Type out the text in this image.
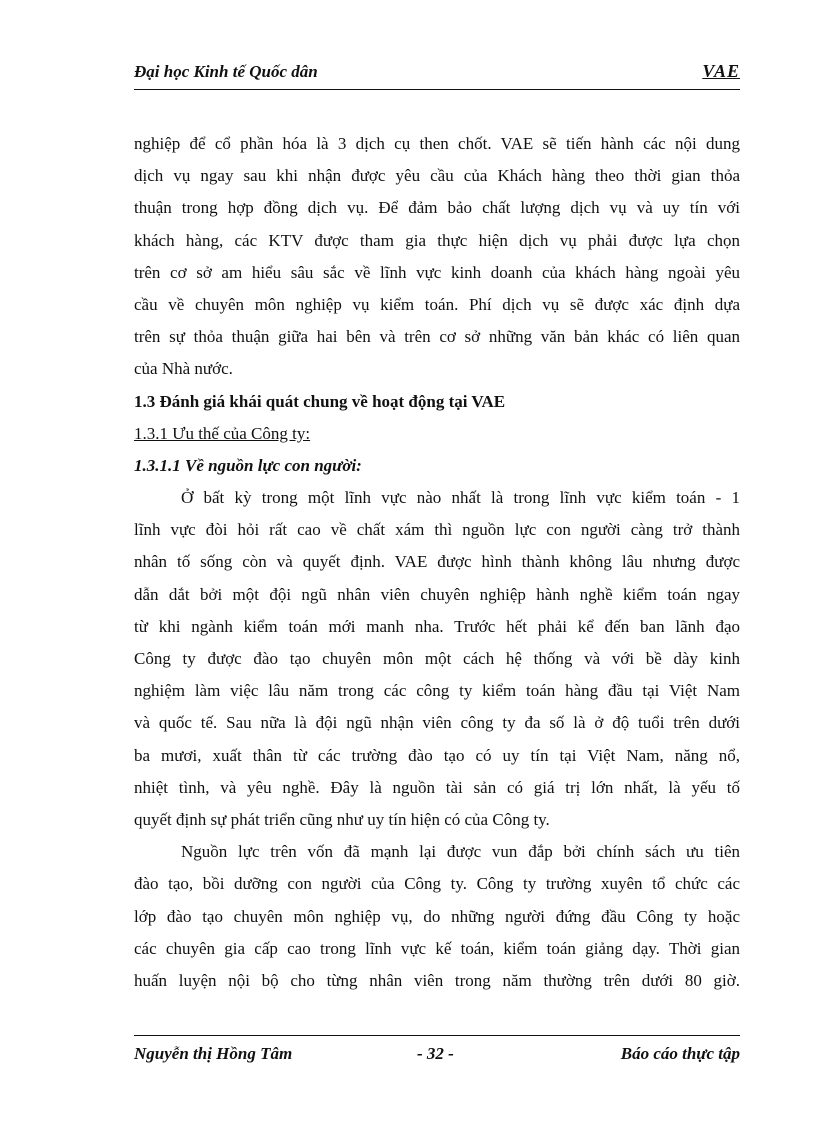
Đại học Kinh tế Quốc dân	VAE
nghiệp để cổ phần hóa là 3 dịch cụ then chốt. VAE sẽ tiến hành các nội dung
dịch vụ ngay sau khi nhận được yêu cầu của Khách hàng theo thời gian thỏa
thuận trong hợp đồng dịch vụ. Để đảm bảo chất lượng dịch vụ và uy tín với
khách hàng, các KTV được tham gia thực hiện dịch vụ phải được lựa chọn
trên cơ sở am hiểu sâu sắc về lĩnh vực kinh doanh của khách hàng ngoài yêu
cầu về chuyên môn nghiệp vụ kiểm toán. Phí dịch vụ sẽ được xác định dựa
trên sự thỏa thuận giữa hai bên và trên cơ sở những văn bản khác có liên quan
của Nhà nước.
1.3 Đánh giá khái quát chung về hoạt động tại VAE
1.3.1 Ưu thế của Công ty:
1.3.1.1 Về nguồn lực con người:
Ở bất kỳ trong một lĩnh vực nào nhất là trong lĩnh vực kiểm toán - 1
lĩnh vực đòi hỏi rất cao về chất xám thì nguồn lực con người càng trở thành
nhân tố sống còn và quyết định. VAE được hình thành không lâu nhưng được
dẫn dắt bởi một đội ngũ nhân viên chuyên nghiệp hành nghề kiểm toán ngay
từ khi ngành kiểm toán mới manh nha. Trước hết phải kể đến ban lãnh đạo
Công ty được đào tạo chuyên môn một cách hệ thống và với bề dày kinh
nghiệm làm việc lâu năm trong các công ty kiểm toán hàng đầu tại Việt Nam
và quốc tế. Sau nữa là đội ngũ nhận viên công ty đa số là ở độ tuổi trên dưới
ba mươi, xuất thân từ các trường đào tạo có uy tín tại Việt Nam, năng nổ,
nhiệt tình, và yêu nghề. Đây là nguồn tài sản có giá trị lớn nhất, là yếu tố
quyết định sự phát triển cũng như uy tín hiện có của Công ty.
Nguồn lực trên vốn đã mạnh lại được vun đắp bởi chính sách ưu tiên
đào tạo, bồi dưỡng con người của Công ty. Công ty trường xuyên tổ chức các
lớp đào tạo chuyên môn nghiệp vụ, do những người đứng đầu Công ty hoặc
các chuyên gia cấp cao trong lĩnh vực kế toán, kiểm toán giảng dạy. Thời gian
huấn luyện nội bộ cho từng nhân viên trong năm thường trên dưới 80 giờ.
Nguyễn thị Hồng Tâm	- 32 -	Báo cáo thực tập
